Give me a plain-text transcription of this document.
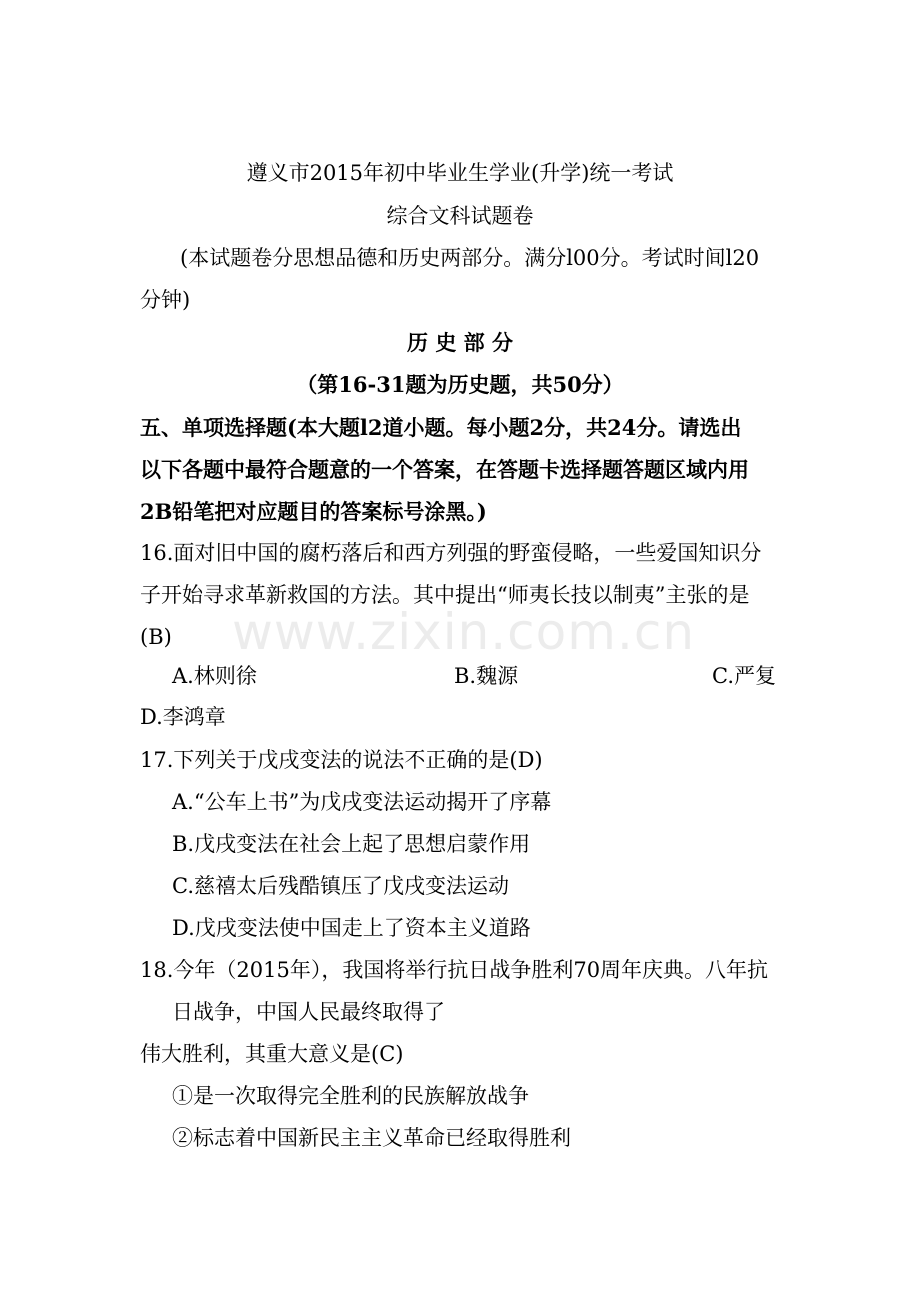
遵义市2015年初中毕业生学业(升学)统一考试
综合文科试题卷
(本试题卷分思想品德和历史两部分。满分l00分。考试时间l20
分钟)
历 史 部 分
（第16-31题为历史题，共50分）
五、单项选择题(本大题l2道小题。每小题2分，共24分。请选出
以下各题中最符合题意的一个答案，在答题卡选择题答题区域内用
2B铅笔把对应题目的答案标号涂黑。)
16.面对旧中国的腐朽落后和西方列强的野蛮侵略，一些爱国知识分
子开始寻求革新救国的方法。其中提出“师夷长技以制夷”主张的是
(B)
A.林则徐	B.魏源	C.严复
D.李鸿章
17.下列关于戊戌变法的说法不正确的是(D)
A.“公车上书”为戊戌变法运动揭开了序幕
B.戊戌变法在社会上起了思想启蒙作用
C.慈禧太后残酷镇压了戊戌变法运动
D.戊戌变法使中国走上了资本主义道路
18.今年（2015年），我国将举行抗日战争胜利70周年庆典。八年抗
日战争，中国人民最终取得了
伟大胜利，其重大意义是(C)
①是一次取得完全胜利的民族解放战争
②标志着中国新民主主义革命已经取得胜利
www.zixin.com.cn
